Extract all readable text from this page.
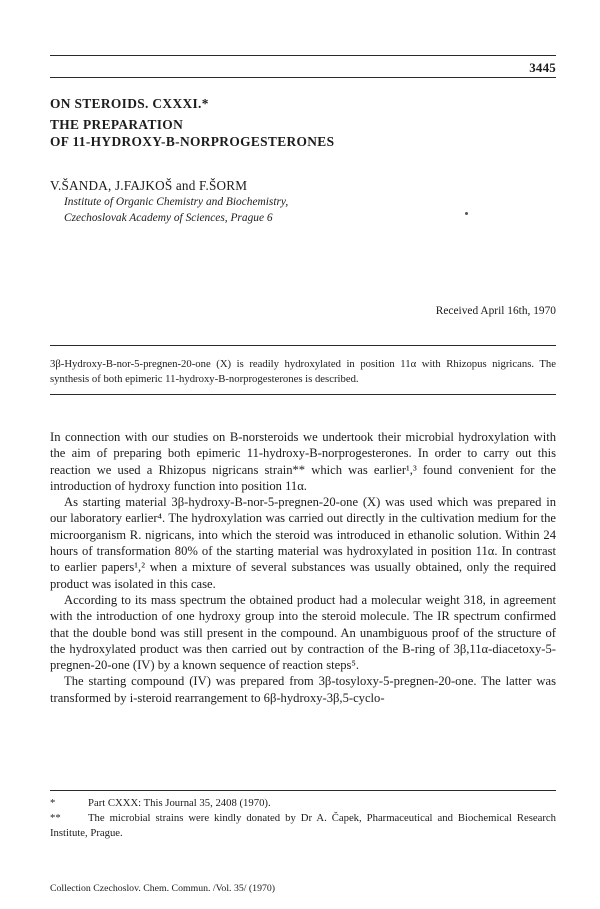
3445
ON STEROIDS. CXXXI.*
THE PREPARATION
OF 11-HYDROXY-B-NORPROGESTERONES
V.ŠANDA, J.FAJKOŠ and F.ŠORM
Institute of Organic Chemistry and Biochemistry,
Czechoslovak Academy of Sciences, Prague 6
Received April 16th, 1970

3β-Hydroxy-B-nor-5-pregnen-20-one (X) is readily hydroxylated in position 11α with Rhizopus nigricans. The synthesis of both epimeric 11-hydroxy-B-norprogesterones is described.

In connection with our studies on B-norsteroids we undertook their microbial hydroxylation with the aim of preparing both epimeric 11-hydroxy-B-norprogesterones. In order to carry out this reaction we used a Rhizopus nigricans strain** which was earlier¹,³ found convenient for the introduction of hydroxy function into position 11α.

As starting material 3β-hydroxy-B-nor-5-pregnen-20-one (X) was used which was prepared in our laboratory earlier⁴. The hydroxylation was carried out directly in the cultivation medium for the microorganism R. nigricans, into which the steroid was introduced in ethanolic solution. Within 24 hours of transformation 80% of the starting material was hydroxylated in position 11α. In contrast to earlier papers¹,² when a mixture of several substances was usually obtained, only the required product was isolated in this case.

According to its mass spectrum the obtained product had a molecular weight 318, in agreement with the introduction of one hydroxy group into the steroid molecule. The IR spectrum confirmed that the double bond was still present in the compound. An unambiguous proof of the structure of the hydroxylated product was then carried out by contraction of the B-ring of 3β,11α-diacetoxy-5-pregnen-20-one (IV) by a known sequence of reaction steps⁵.

The starting compound (IV) was prepared from 3β-tosyloxy-5-pregnen-20-one. The latter was transformed by i-steroid rearrangement to 6β-hydroxy-3β,5-cyclo-

*	Part CXXX: This Journal 35, 2408 (1970).
**	The microbial strains were kindly donated by Dr A. Čapek, Pharmaceutical and Biochemical Research Institute, Prague.
Collection Czechoslov. Chem. Commun. /Vol. 35/ (1970)
